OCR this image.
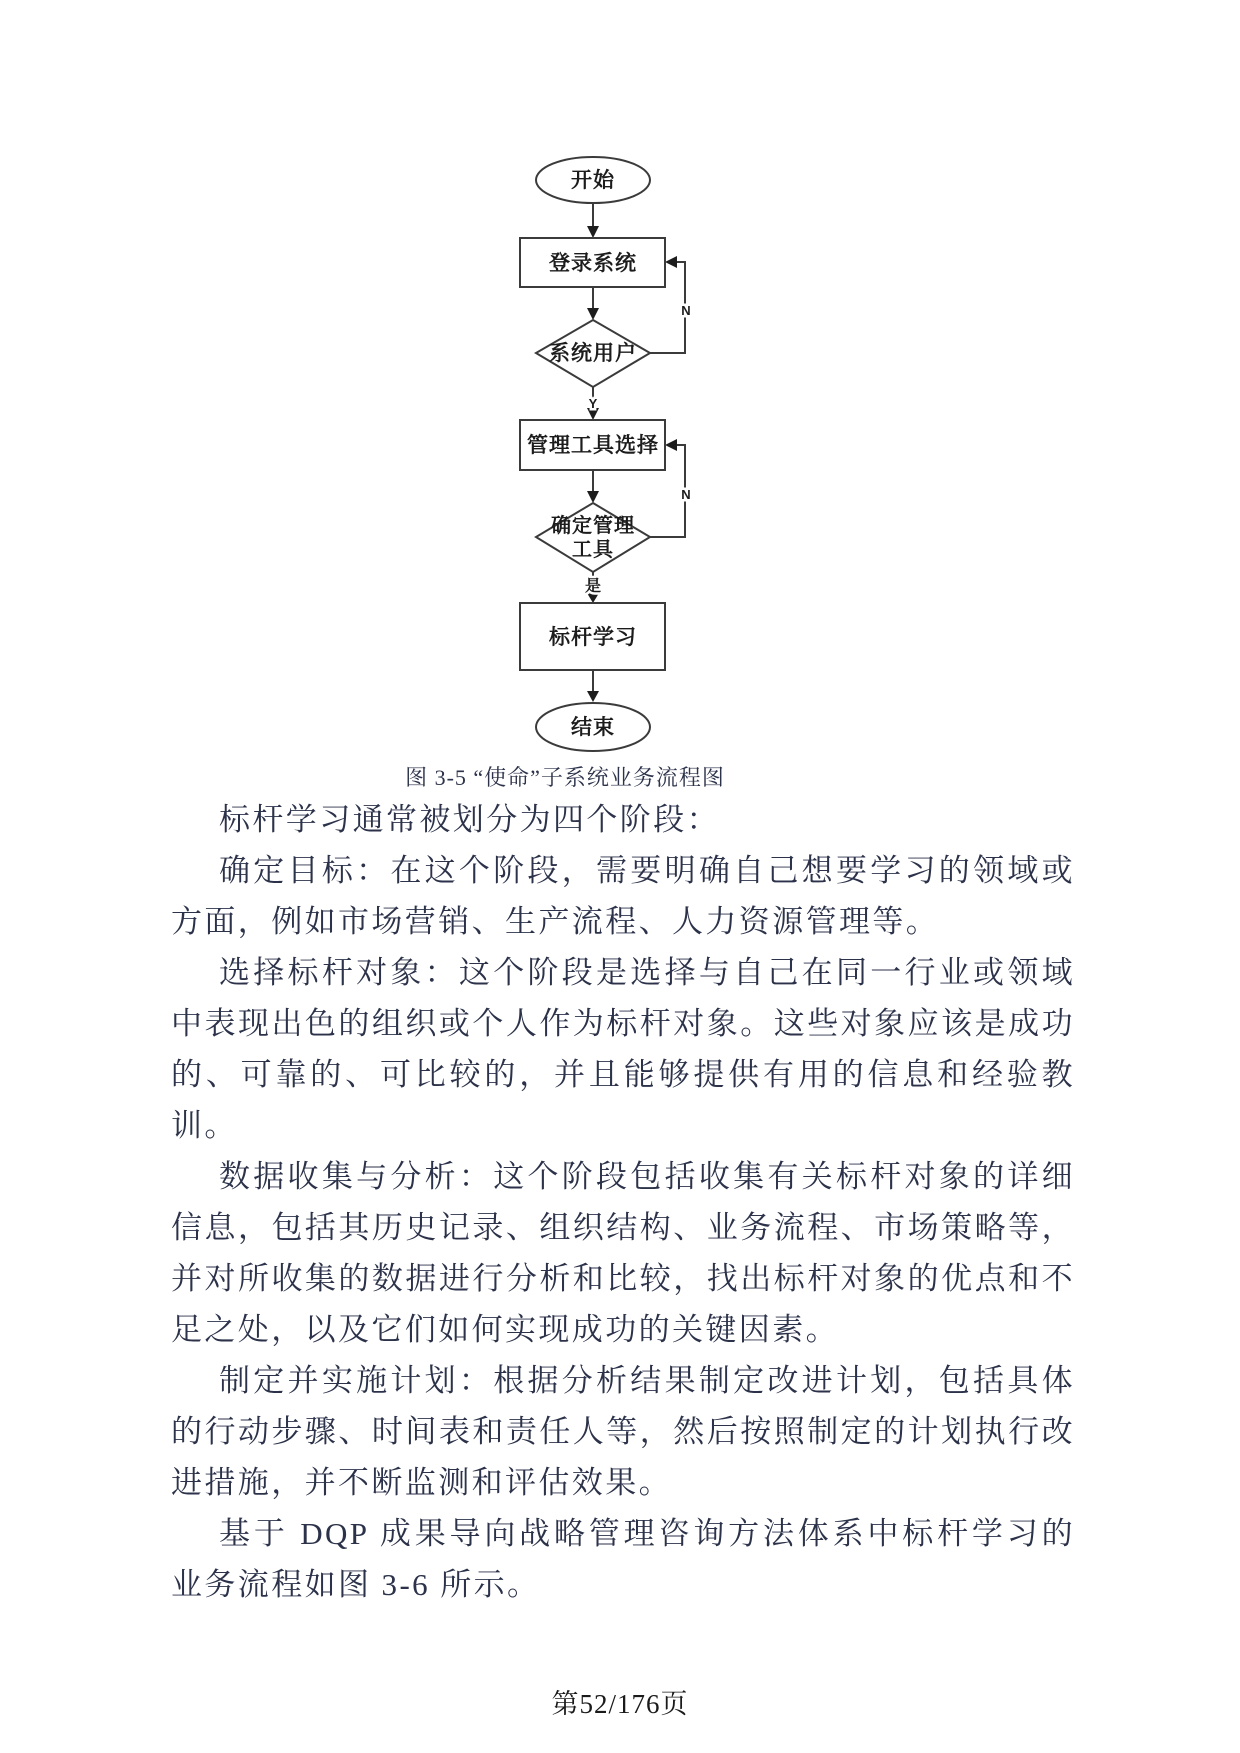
开始
登录系统
系统用户
管理工具选择
确定管理
工具
标杆学习
结束
Y
N
是
N
图 3-5 “使命”子系统业务流程图

标杆学习通常被划分为四个阶段：

确定目标：在这个阶段，需要明确自己想要学习的领域或方面，例如市场营销、生产流程、人力资源管理等。

选择标杆对象：这个阶段是选择与自己在同一行业或领域中表现出色的组织或个人作为标杆对象。这些对象应该是成功的、可靠的、可比较的，并且能够提供有用的信息和经验教训。

数据收集与分析：这个阶段包括收集有关标杆对象的详细信息，包括其历史记录、组织结构、业务流程、市场策略等，并对所收集的数据进行分析和比较，找出标杆对象的优点和不足之处，以及它们如何实现成功的关键因素。

制定并实施计划：根据分析结果制定改进计划，包括具体的行动步骤、时间表和责任人等，然后按照制定的计划执行改进措施，并不断监测和评估效果。

基于 DQP 成果导向战略管理咨询方法体系中标杆学习的业务流程如图 3-6 所示。

第52/176页
